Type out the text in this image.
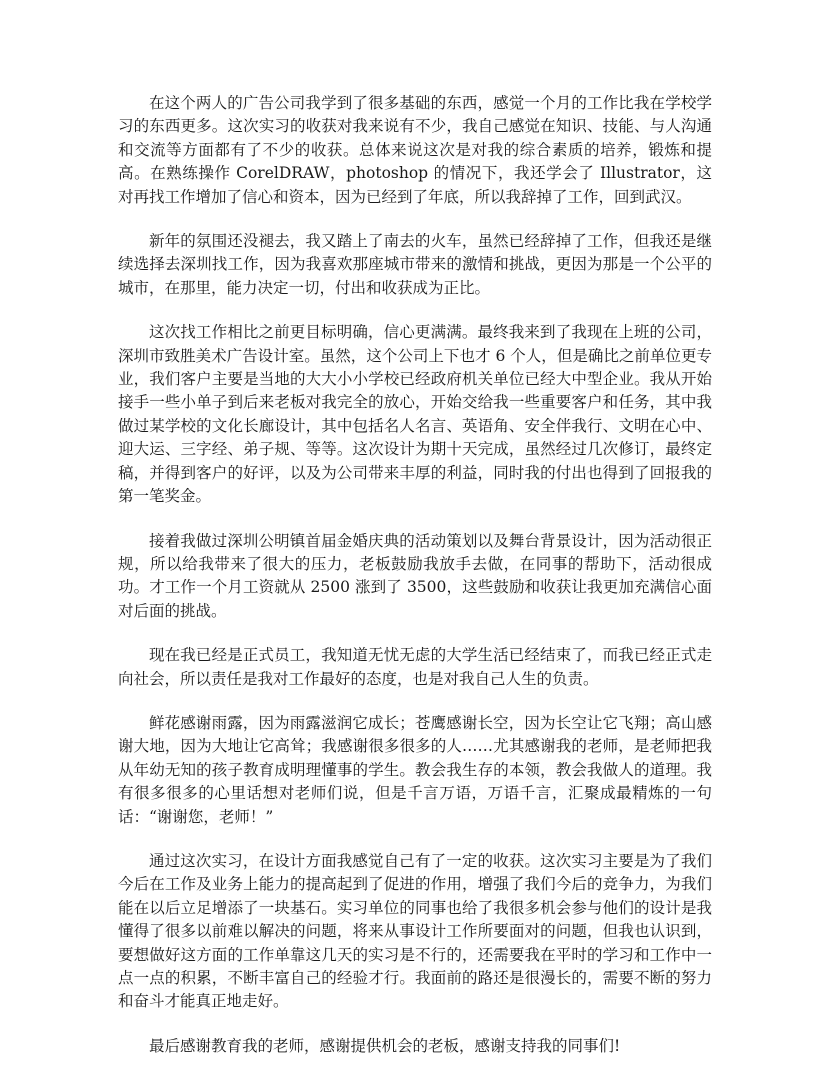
在这个两人的广告公司我学到了很多基础的东西，感觉一个月的工作比我在学校学习的东西更多。这次实习的收获对我来说有不少，我自己感觉在知识、技能、与人沟通和交流等方面都有了不少的收获。总体来说这次是对我的综合素质的培养，锻炼和提高。在熟练操作 CorelDRAW，photoshop 的情况下，我还学会了 Illustrator，这对再找工作增加了信心和资本，因为已经到了年底，所以我辞掉了工作，回到武汉。

新年的氛围还没褪去，我又踏上了南去的火车，虽然已经辞掉了工作，但我还是继续选择去深圳找工作，因为我喜欢那座城市带来的激情和挑战，更因为那是一个公平的城市，在那里，能力决定一切，付出和收获成为正比。

这次找工作相比之前更目标明确，信心更满满。最终我来到了我现在上班的公司，深圳市致胜美术广告设计室。虽然，这个公司上下也才 6 个人，但是确比之前单位更专业，我们客户主要是当地的大大小小学校已经政府机关单位已经大中型企业。我从开始接手一些小单子到后来老板对我完全的放心，开始交给我一些重要客户和任务，其中我做过某学校的文化长廊设计，其中包括名人名言、英语角、安全伴我行、文明在心中、迎大运、三字经、弟子规、等等。这次设计为期十天完成，虽然经过几次修订，最终定稿，并得到客户的好评，以及为公司带来丰厚的利益，同时我的付出也得到了回报我的第一笔奖金。

接着我做过深圳公明镇首届金婚庆典的活动策划以及舞台背景设计，因为活动很正规，所以给我带来了很大的压力，老板鼓励我放手去做，在同事的帮助下，活动很成功。才工作一个月工资就从 2500 涨到了 3500，这些鼓励和收获让我更加充满信心面对后面的挑战。

现在我已经是正式员工，我知道无忧无虑的大学生活已经结束了，而我已经正式走向社会，所以责任是我对工作最好的态度，也是对我自己人生的负责。

鲜花感谢雨露，因为雨露滋润它成长；苍鹰感谢长空，因为长空让它飞翔；高山感谢大地，因为大地让它高耸；我感谢很多很多的人……尤其感谢我的老师，是老师把我从年幼无知的孩子教育成明理懂事的学生。教会我生存的本领，教会我做人的道理。我有很多很多的心里话想对老师们说，但是千言万语，万语千言，汇聚成最精炼的一句话：“谢谢您，老师！”

通过这次实习，在设计方面我感觉自己有了一定的收获。这次实习主要是为了我们今后在工作及业务上能力的提高起到了促进的作用，增强了我们今后的竞争力，为我们能在以后立足增添了一块基石。实习单位的同事也给了我很多机会参与他们的设计是我懂得了很多以前难以解决的问题，将来从事设计工作所要面对的问题，但我也认识到，要想做好这方面的工作单靠这几天的实习是不行的，还需要我在平时的学习和工作中一点一点的积累，不断丰富自己的经验才行。我面前的路还是很漫长的，需要不断的努力和奋斗才能真正地走好。

最后感谢教育我的老师，感谢提供机会的老板，感谢支持我的同事们!
